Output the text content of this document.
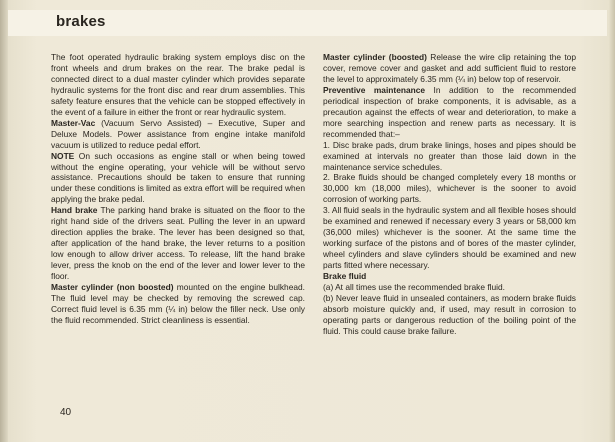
brakes

The foot operated hydraulic braking system employs disc on the front wheels and drum brakes on the rear. The brake pedal is connected direct to a dual master cylinder which provides separate hydraulic systems for the front disc and rear drum assemblies. This safety feature ensures that the vehicle can be stopped effectively in the event of a failure in either the front or rear hydraulic system.

Master-Vac (Vacuum Servo Assisted) – Executive, Super and Deluxe Models. Power assistance from engine intake manifold vacuum is utilized to reduce pedal effort.

NOTE On such occasions as engine stall or when being towed without the engine operating, your vehicle will be without servo assistance. Precautions should be taken to ensure that running under these conditions is limited as extra effort will be required when applying the brake pedal.

Hand brake The parking hand brake is situated on the floor to the right hand side of the drivers seat. Pulling the lever in an upward direction applies the brake. The lever has been designed so that, after application of the hand brake, the lever returns to a position low enough to allow driver access. To release, lift the hand brake lever, press the knob on the end of the lever and lower lever to the floor.

Master cylinder (non boosted) mounted on the engine bulkhead. The fluid level may be checked by removing the screwed cap. Correct fluid level is 6.35 mm (¼ in) below the filler neck. Use only the fluid recommended. Strict cleanliness is essential.

Master cylinder (boosted) Release the wire clip retaining the top cover, remove cover and gasket and add sufficient fluid to restore the level to approximately 6.35 mm (¼ in) below top of reservoir.

Preventive maintenance In addition to the recommended periodical inspection of brake components, it is advisable, as a precaution against the effects of wear and deterioration, to make a more searching inspection and renew parts as necessary. It is recommended that:–

1. Disc brake pads, drum brake linings, hoses and pipes should be examined at intervals no greater than those laid down in the maintenance service schedules.

2. Brake fluids should be changed completely every 18 months or 30,000 km (18,000 miles), whichever is the sooner to avoid corrosion of working parts.

3. All fluid seals in the hydraulic system and all flexible hoses should be examined and renewed if necessary every 3 years or 58,000 km (36,000 miles) whichever is the sooner. At the same time the working surface of the pistons and of bores of the master cylinder, wheel cylinders and slave cylinders should be examined and new parts fitted where necessary.

Brake fluid

(a) At all times use the recommended brake fluid.

(b) Never leave fluid in unsealed containers, as modern brake fluids absorb moisture quickly and, if used, may result in corrosion to operating parts or dangerous reduction of the boiling point of the fluid. This could cause brake failure.

40
